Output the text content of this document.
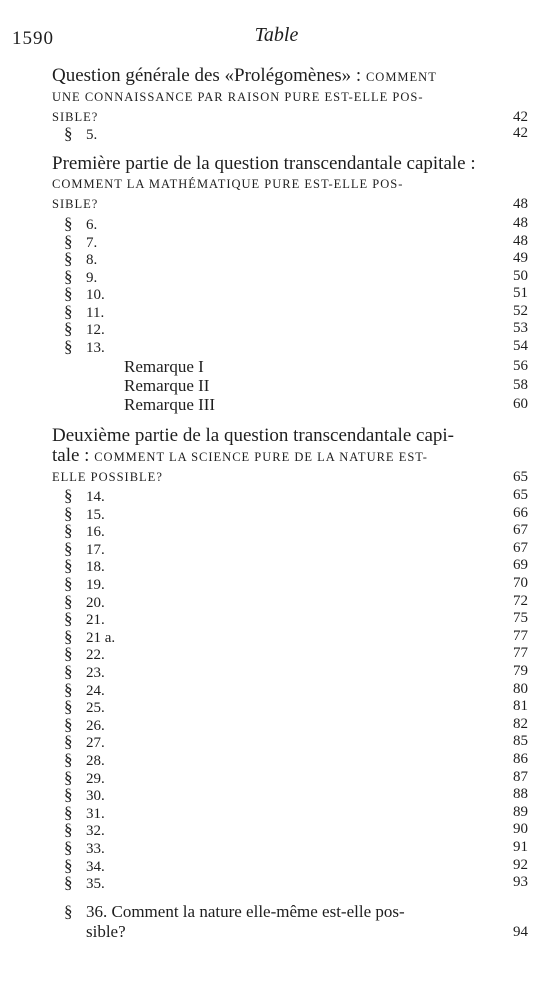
1590	Table
Question générale des «Prolégomènes» : COMMENT
UNE CONNAISSANCE PAR RAISON PURE EST-ELLE POS-
SIBLE?	42
§ 5.	42
Première partie de la question transcendantale capitale :
COMMENT LA MATHÉMATIQUE PURE EST-ELLE POS-
SIBLE?	48
§ 6.	48
§ 7.	48
§ 8.	49
§ 9.	50
§ 10.	51
§ 11.	52
§ 12.	53
§ 13.	54
Remarque I	56
Remarque II	58
Remarque III	60
Deuxième partie de la question transcendantale capi-
tale : COMMENT LA SCIENCE PURE DE LA NATURE EST-
ELLE POSSIBLE?	65
§ 14.	65
§ 15.	66
§ 16.	67
§ 17.	67
§ 18.	69
§ 19.	70
§ 20.	72
§ 21.	75
§ 21 a.	77
§ 22.	77
§ 23.	79
§ 24.	80
§ 25.	81
§ 26.	82
§ 27.	85
§ 28.	86
§ 29.	87
§ 30.	88
§ 31.	89
§ 32.	90
§ 33.	91
§ 34.	92
§ 35.	93
§ 36. Comment la nature elle-même est-elle pos-
sible?	94
